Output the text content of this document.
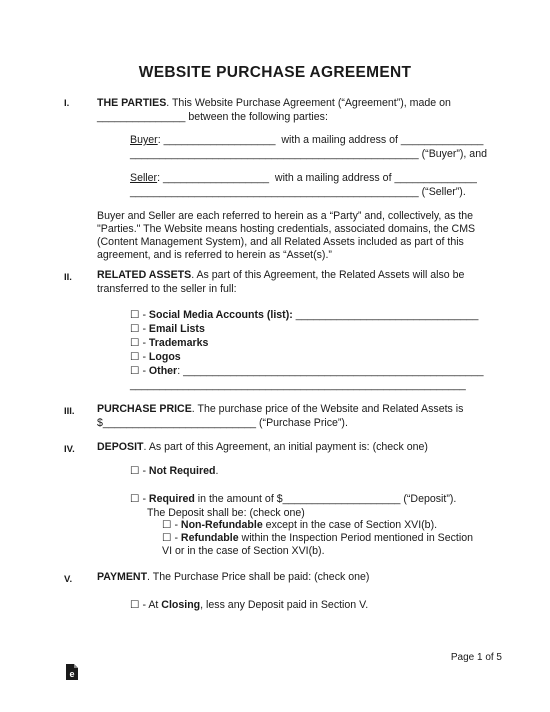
WEBSITE PURCHASE AGREEMENT
I.	THE PARTIES. This Website Purchase Agreement (“Agreement”), made on
_______________ between the following parties:
Buyer: ___________________  with a mailing address of ______________
_________________________________________________ (“Buyer”), and
Seller: __________________  with a mailing address of ______________
_________________________________________________ (“Seller”).
Buyer and Seller are each referred to herein as a “Party” and, collectively, as the
"Parties." The Website means hosting credentials, associated domains, the CMS
(Content Management System), and all Related Assets included as part of this
agreement, and is referred to herein as “Asset(s).”
II. RELATED ASSETS. As part of this Agreement, the Related Assets will also be
transferred to the seller in full:
☐ - Social Media Accounts (list): _______________________________
☐ - Email Lists
☐ - Trademarks
☐ - Logos
☐ - Other: ___________________________________________________
_________________________________________________________
III. PURCHASE PRICE. The purchase price of the Website and Related Assets is
$__________________________ (“Purchase Price”).
IV. DEPOSIT. As part of this Agreement, an initial payment is: (check one)
☐ - Not Required.
☐ - Required in the amount of $____________________ (“Deposit”).
The Deposit shall be: (check one)
☐ - Non-Refundable except in the case of Section XVI(b).
☐ - Refundable within the Inspection Period mentioned in Section
VI or in the case of Section XVI(b).
V. PAYMENT. The Purchase Price shall be paid: (check one)
☐ - At Closing, less any Deposit paid in Section V.
Page 1 of 5
e
